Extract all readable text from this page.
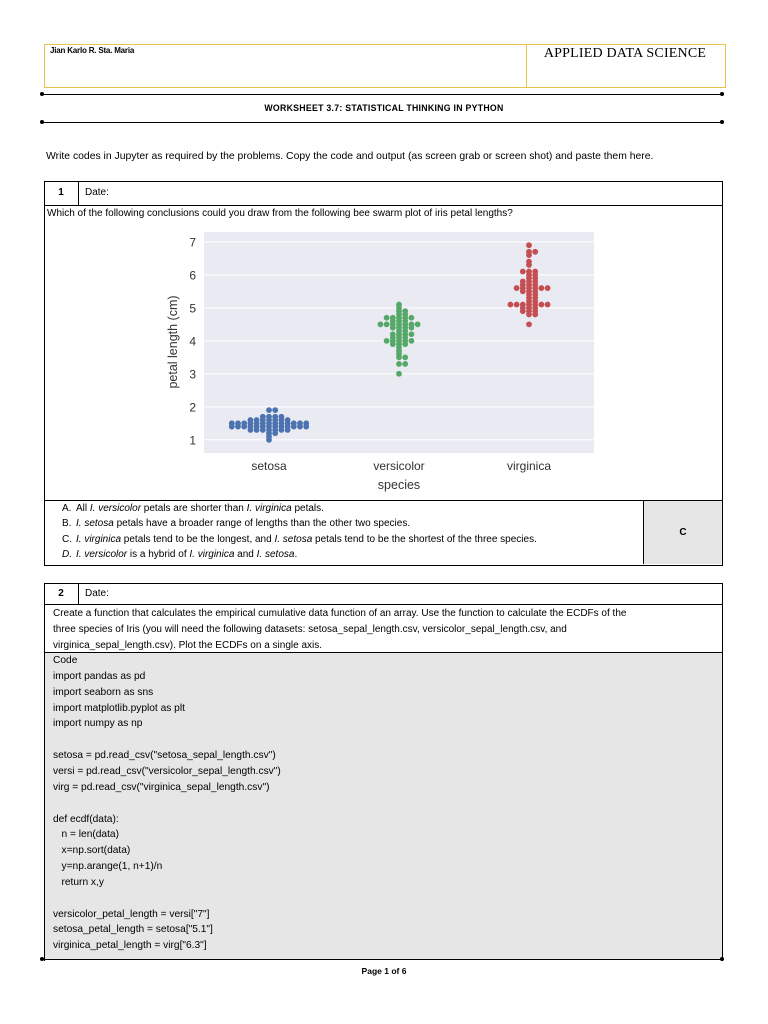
Jian Karlo R. Sta. Maria	APPLIED DATA SCIENCE
WORKSHEET 3.7: STATISTICAL THINKING IN PYTHON
Write codes in Jupyter as required by the problems. Copy the code and output (as screen grab or screen shot) and paste them here.
1	Date:
Which of the following conclusions could you draw from the following bee swarm plot of iris petal lengths?
1
2
3
4
5
6
7
setosa	versicolor	virginica
petal length (cm)
species
C
A. All I. versicolor petals are shorter than I. virginica petals.
B. I. setosa petals have a broader range of lengths than the other two species.
C. I. virginica petals tend to be the longest, and I. setosa petals tend to be the shortest of the three species.
D. I. versicolor is a hybrid of I. virginica and I. setosa.
2	Date:
Create a function that calculates the empirical cumulative data function of an array. Use the function to calculate the ECDFs of the
three species of Iris (you will need the following datasets: setosa_sepal_length.csv, versicolor_sepal_length.csv, and
virginica_sepal_length.csv). Plot the ECDFs on a single axis.
Code
import pandas as pd
import seaborn as sns
import matplotlib.pyplot as plt
import numpy as np
setosa = pd.read_csv("setosa_sepal_length.csv")
versi = pd.read_csv("versicolor_sepal_length.csv")
virg = pd.read_csv("virginica_sepal_length.csv")
def ecdf(data):
n = len(data)
x=np.sort(data)
y=np.arange(1, n+1)/n
return x,y
versicolor_petal_length = versi["7"]
setosa_petal_length = setosa["5.1"]
virginica_petal_length = virg["6.3"]
Page 1 of 6
